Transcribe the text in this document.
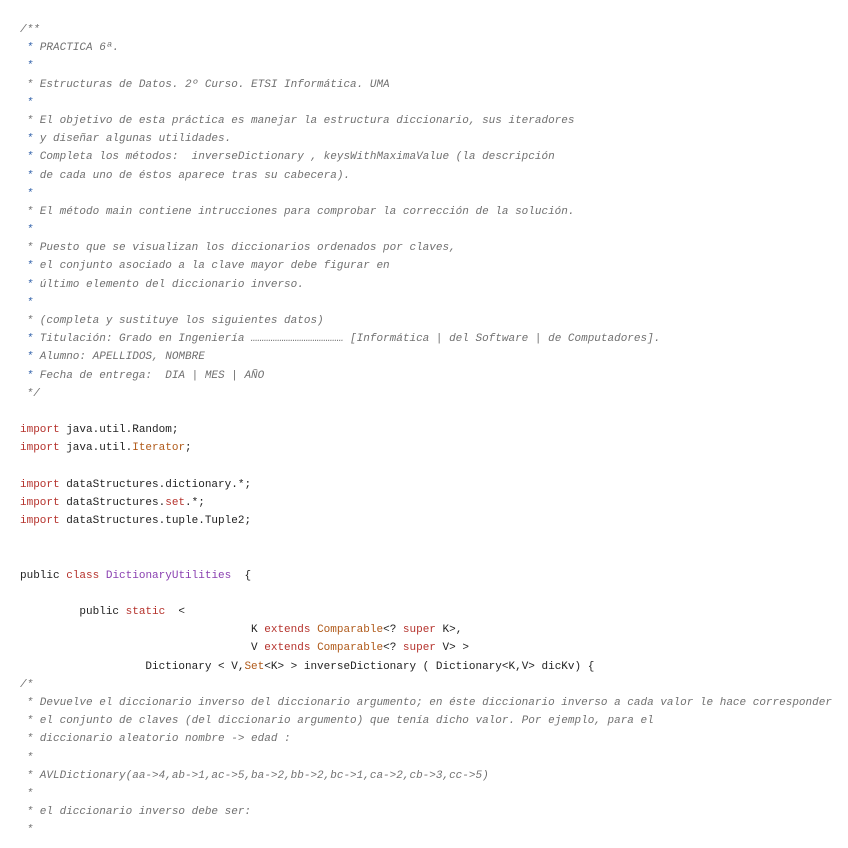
/**
* PRACTICA 6ª.
*
* Estructuras de Datos. 2º Curso. ETSI Informática. UMA
*
* El objetivo de esta práctica es manejar la estructura diccionario, sus iteradores
* y diseñar algunas utilidades.
* Completa los métodos:  inverseDictionary , keysWithMaximaValue (la descripción
* de cada uno de éstos aparece tras su cabecera).
*
* El método main contiene intrucciones para comprobar la corrección de la solución.
*
* Puesto que se visualizan los diccionarios ordenados por claves,
* el conjunto asociado a la clave mayor debe figurar en
* último elemento del diccionario inverso.
*
* (completa y sustituye los siguientes datos)
* Titulación: Grado en Ingeniería …………………………………… [Informática | del Software | de Computadores].
* Alumno: APELLIDOS, NOMBRE
* Fecha de entrega:  DIA | MES | AÑO
*/

import java.util.Random;
import java.util.Iterator;

import dataStructures.dictionary.*;
import dataStructures.set.*;
import dataStructures.tuple.Tuple2;

public class DictionaryUtilities  {

public static  <
K extends Comparable<? super K>,
V extends Comparable<? super V> >
Dictionary < V,Set<K> > inverseDictionary ( Dictionary<K,V> dicKv) {
/*
* Devuelve el diccionario inverso del diccionario argumento; en éste diccionario inverso a cada valor le hace corresponder
* el conjunto de claves (del diccionario argumento) que tenía dicho valor. Por ejemplo, para el
* diccionario aleatorio nombre -> edad :
*
* AVLDictionary(aa->4,ab->1,ac->5,ba->2,bb->2,bc->1,ca->2,cb->3,cc->5)
*
* el diccionario inverso debe ser:
*
